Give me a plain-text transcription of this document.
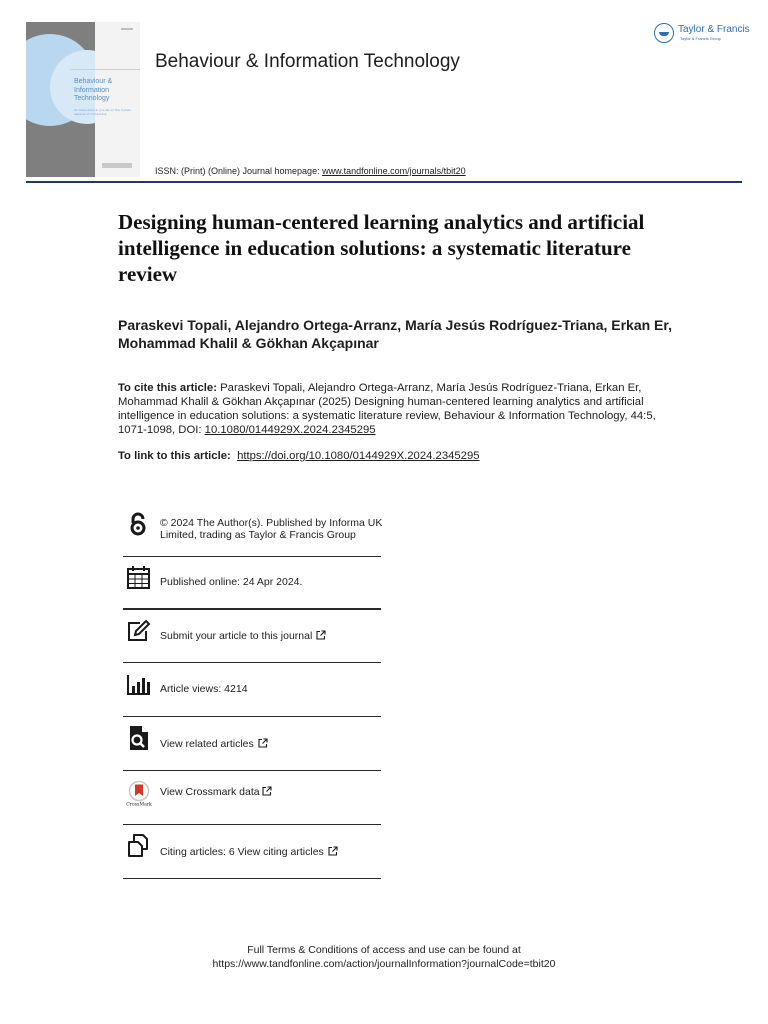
Behaviour &
Information
Technology
An international journal on the human aspects of computing
Behaviour & Information Technology
Taylor & Francis
Taylor & Francis Group
ISSN: (Print) (Online) Journal homepage: www.tandfonline.com/journals/tbit20
Designing human-centered learning analytics and artificial intelligence in education solutions: a systematic literature review

Paraskevi Topali, Alejandro Ortega-Arranz, María Jesús Rodríguez-Triana, Erkan Er, Mohammad Khalil & Gökhan Akçapınar

To cite this article: Paraskevi Topali, Alejandro Ortega-Arranz, María Jesús Rodríguez-Triana, Erkan Er, Mohammad Khalil & Gökhan Akçapınar (2025) Designing human-centered learning analytics and artificial intelligence in education solutions: a systematic literature review, Behaviour & Information Technology, 44:5, 1071-1098, DOI: 10.1080/0144929X.2024.2345295

To link to this article: https://doi.org/10.1080/0144929X.2024.2345295

© 2024 The Author(s). Published by Informa UK Limited, trading as Taylor & Francis Group
Published online: 24 Apr 2024.
Submit your article to this journal
Article views: 4214
View related articles
CrossMark
View Crossmark data
Citing articles: 6 View citing articles
Full Terms & Conditions of access and use can be found at
https://www.tandfonline.com/action/journalInformation?journalCode=tbit20
